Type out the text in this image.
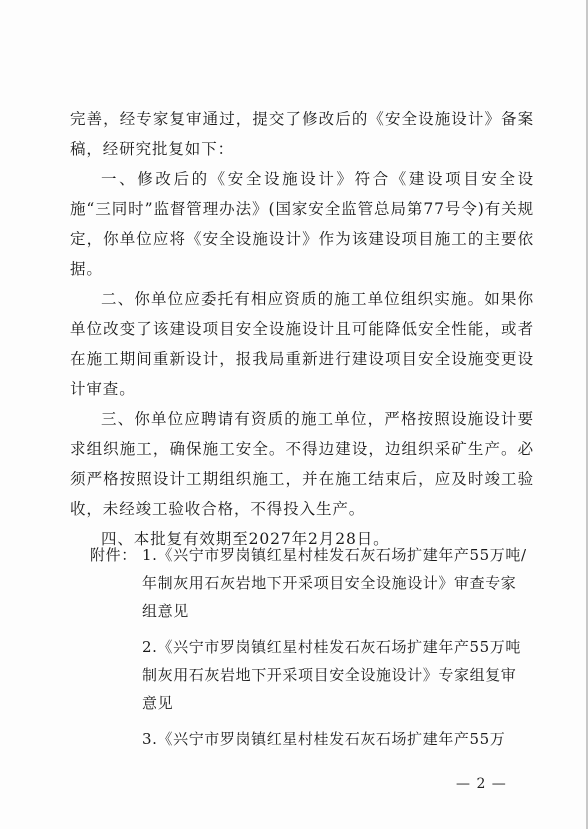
完善，经专家复审通过，提交了修改后的《安全设施设计》备案稿，经研究批复如下：

一、修改后的《安全设施设计》符合《建设项目安全设施“三同时”监督管理办法》(国家安全监管总局第77号令)有关规定，你单位应将《安全设施设计》作为该建设项目施工的主要依据。

二、你单位应委托有相应资质的施工单位组织实施。如果你单位改变了该建设项目安全设施设计且可能降低安全性能，或者在施工期间重新设计，报我局重新进行建设项目安全设施变更设计审查。

三、你单位应聘请有资质的施工单位，严格按照设施设计要求组织施工，确保施工安全。不得边建设，边组织采矿生产。必须严格按照设计工期组织施工，并在施工结束后，应及时竣工验收，未经竣工验收合格，不得投入生产。

四、本批复有效期至2027年2月28日。

附件： 1.《兴宁市罗岗镇红星村桂发石灰石场扩建年产55万吨/年制灰用石灰岩地下开采项目安全设施设计》审查专家组意见
2.《兴宁市罗岗镇红星村桂发石灰石场扩建年产55万吨制灰用石灰岩地下开采项目安全设施设计》专家组复审意见
3.《兴宁市罗岗镇红星村桂发石灰石场扩建年产55万
— 2 —
